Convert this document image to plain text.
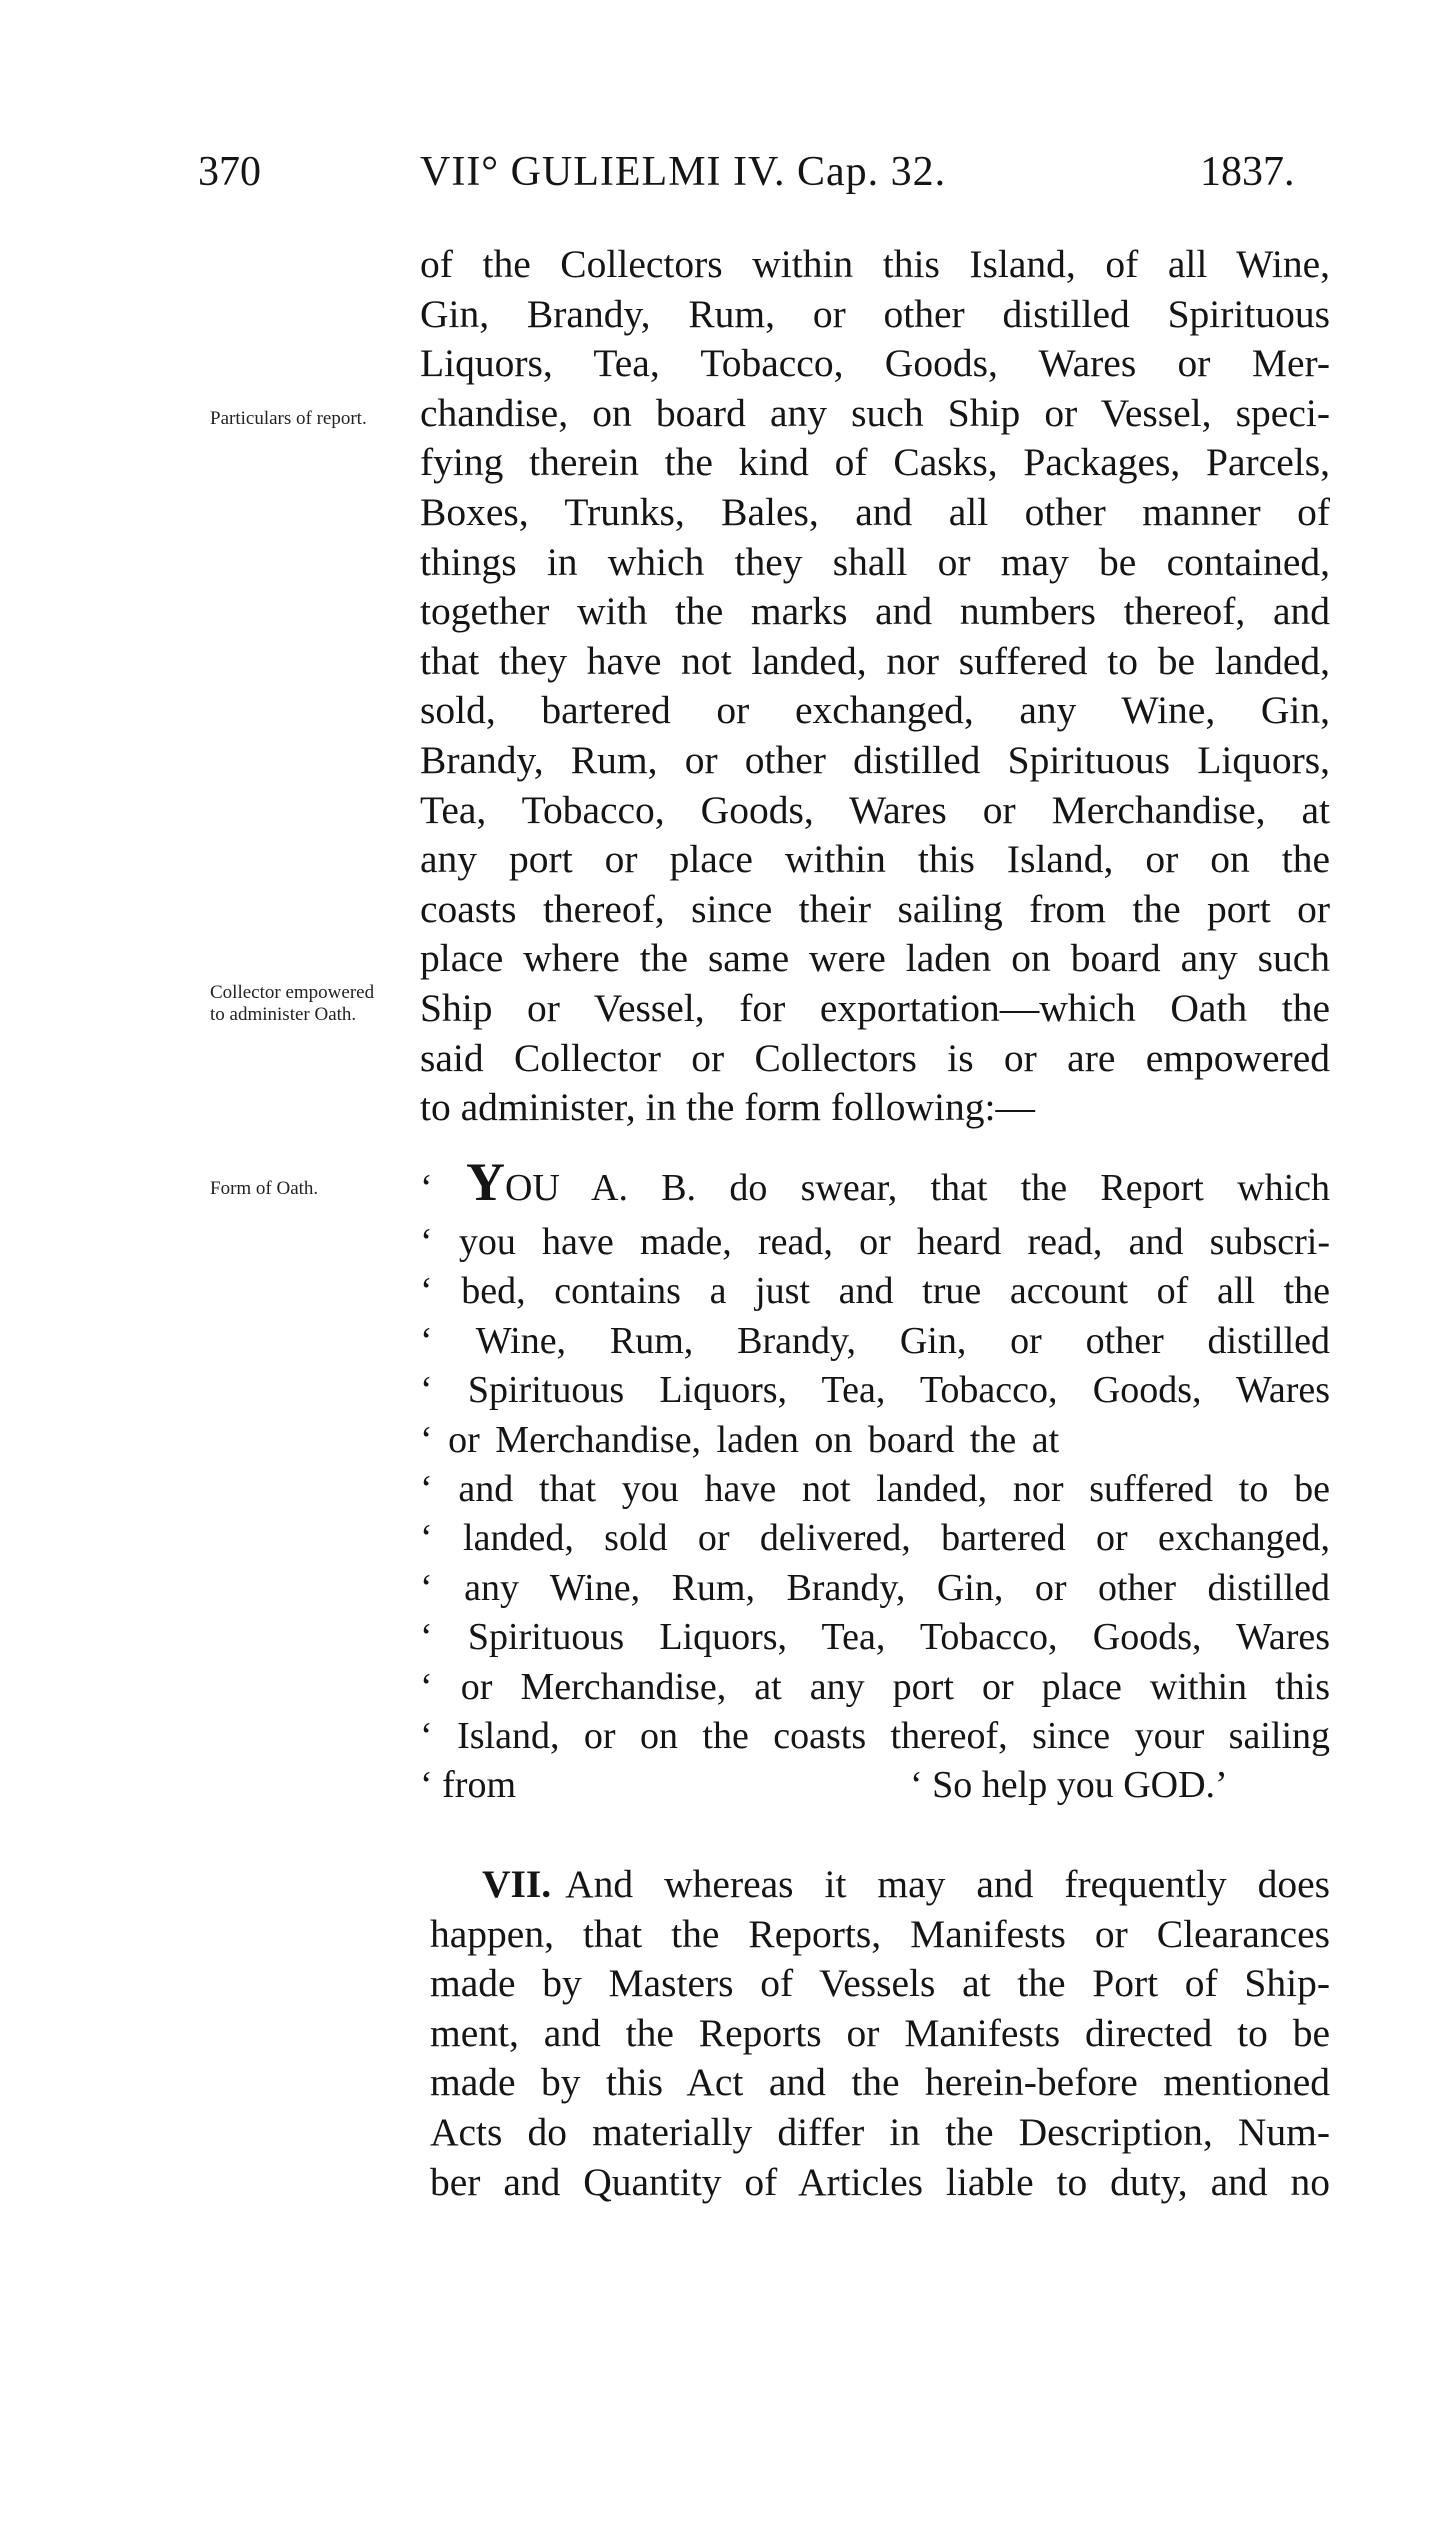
370	VII° GULIELMI IV. Cap. 32.	1837.
Particulars of report.
Collector empowered to administer Oath.
Form of Oath.
of the Collectors within this Island, of all Wine,
Gin, Brandy, Rum, or other distilled Spirituous
Liquors, Tea, Tobacco, Goods, Wares or Mer-
chandise, on board any such Ship or Vessel, speci-
fying therein the kind of Casks, Packages, Parcels,
Boxes, Trunks, Bales, and all other manner of
things in which they shall or may be contained,
together with the marks and numbers thereof, and
that they have not landed, nor suffered to be landed,
sold, bartered or exchanged, any Wine, Gin,
Brandy, Rum, or other distilled Spirituous Liquors,
Tea, Tobacco, Goods, Wares or Merchandise, at
any port or place within this Island, or on the
coasts thereof, since their sailing from the port or
place where the same were laden on board any such
Ship or Vessel, for exportation—which Oath the
said Collector or Collectors is or are empowered
to administer, in the form following:—
‘ YOU A. B. do swear, that the Report which
‘ you have made, read, or heard read, and subscri-
‘ bed, contains a just and true account of all the
‘ Wine, Rum, Brandy, Gin, or other distilled
‘ Spirituous Liquors, Tea, Tobacco, Goods, Wares
‘ or Merchandise, laden on board the at
‘ and that you have not landed, nor suffered to be
‘ landed, sold or delivered, bartered or exchanged,
‘ any Wine, Rum, Brandy, Gin, or other distilled
‘ Spirituous Liquors, Tea, Tobacco, Goods, Wares
‘ or Merchandise, at any port or place within this
‘ Island, or on the coasts thereof, since your sailing
‘ from	‘ So help you GOD.’
VII. And whereas it may and frequently does
happen, that the Reports, Manifests or Clearances
made by Masters of Vessels at the Port of Ship-
ment, and the Reports or Manifests directed to be
made by this Act and the herein-before mentioned
Acts do materially differ in the Description, Num-
ber and Quantity of Articles liable to duty, and no
